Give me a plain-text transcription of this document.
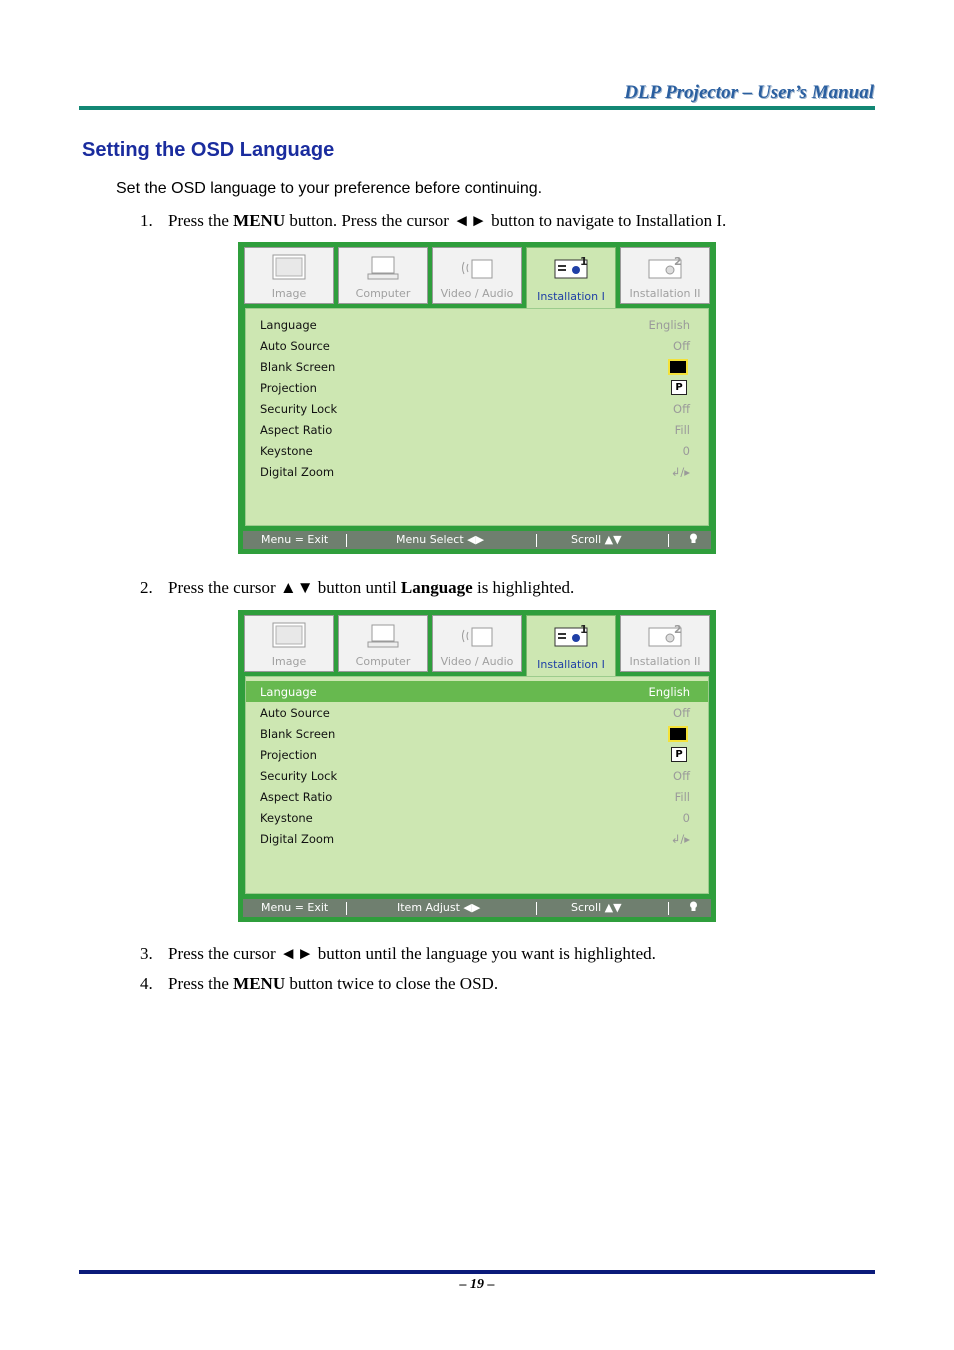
DLP Projector – User’s Manual
Setting the OSD Language
Set the OSD language to your preference before continuing.
1. Press the MENU button. Press the cursor ◄► button to navigate to Installation I.
Image	Computer	Video / Audio
1
Installation I
2
Installation II
Language	English
Auto Source	Off
Blank Screen
Projection	P
Security Lock	Off
Aspect Ratio	Fill
Keystone	0
Digital Zoom	↲/▸
Menu = Exit	Menu Select ◀▶	Scroll ▲▼
2. Press the cursor ▲▼ button until Language is highlighted.
Image	Computer	Video / Audio
1
Installation I
2
Installation II
Language	English
Auto Source	Off
Blank Screen
Projection	P
Security Lock	Off
Aspect Ratio	Fill
Keystone	0
Digital Zoom	↲/▸
Menu = Exit	Item Adjust ◀▶	Scroll ▲▼
3. Press the cursor ◄► button until the language you want is highlighted.
4. Press the MENU button twice to close the OSD.
– 19 –
